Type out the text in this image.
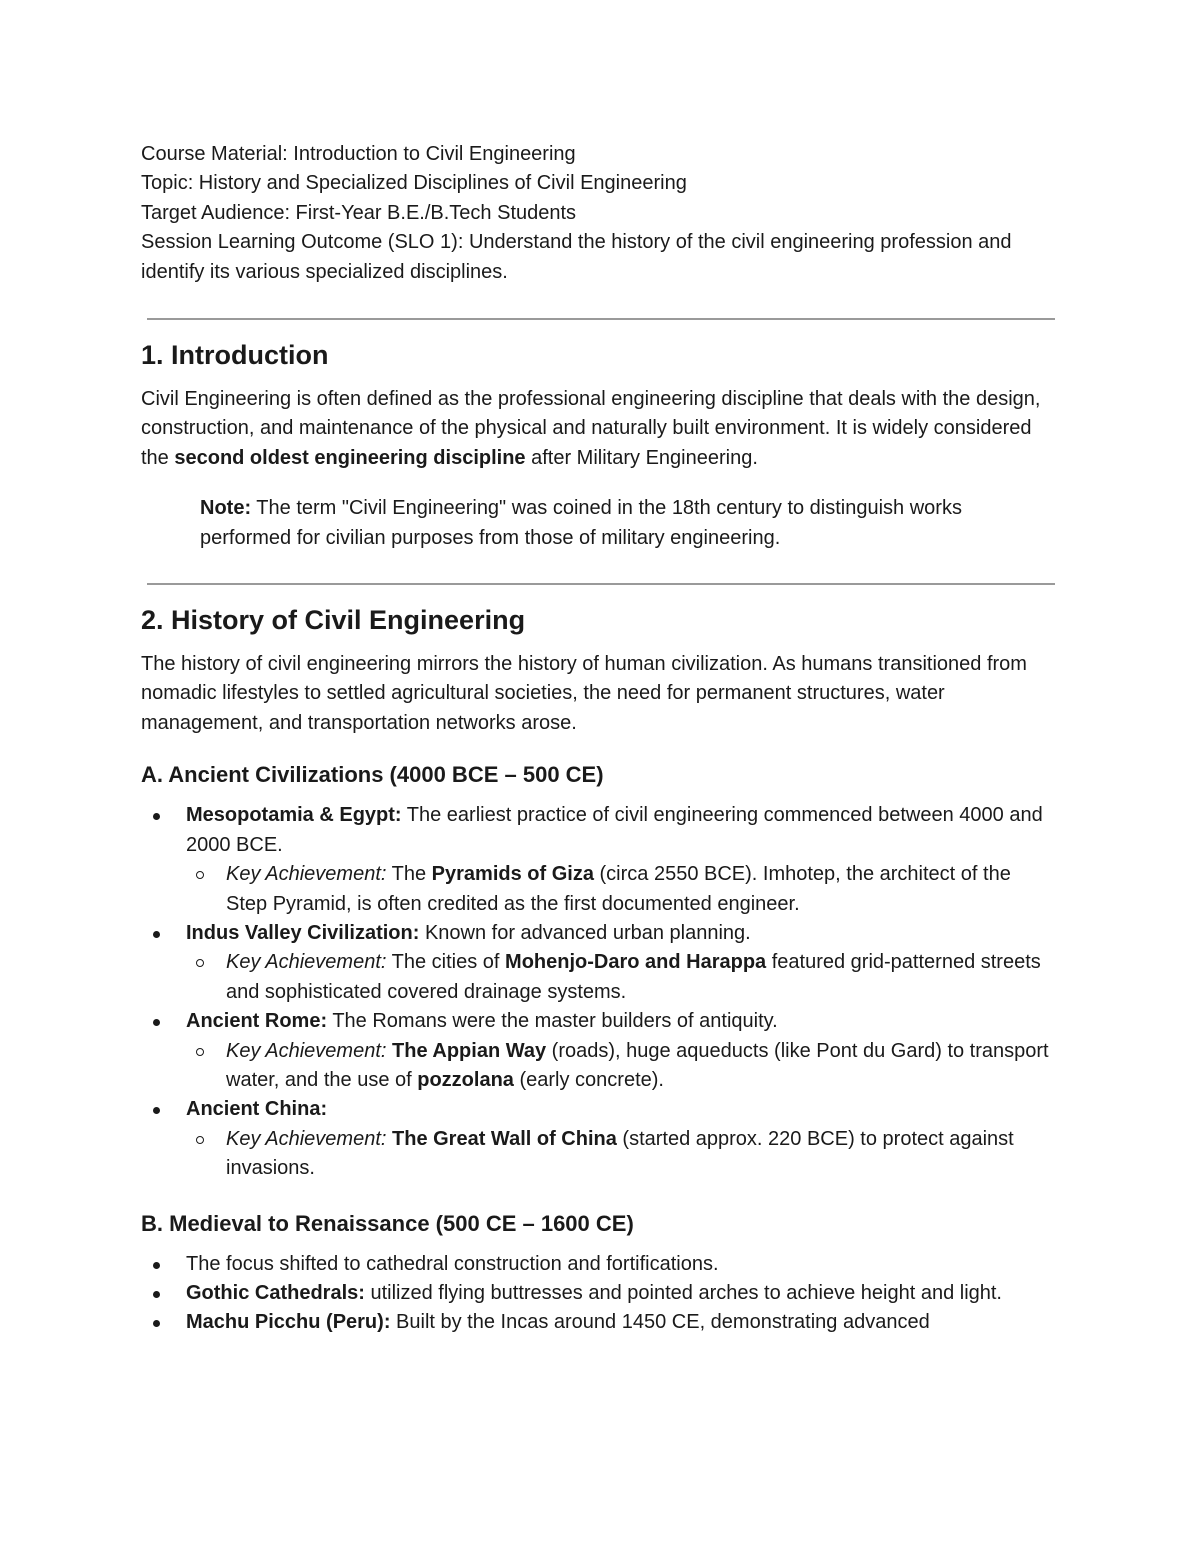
Course Material: Introduction to Civil Engineering

Topic: History and Specialized Disciplines of Civil Engineering

Target Audience: First-Year B.E./B.Tech Students

Session Learning Outcome (SLO 1): Understand the history of the civil engineering profession and identify its various specialized disciplines.

1. Introduction

Civil Engineering is often defined as the professional engineering discipline that deals with the design, construction, and maintenance of the physical and naturally built environment. It is widely considered the second oldest engineering discipline after Military Engineering.

Note: The term "Civil Engineering" was coined in the 18th century to distinguish works performed for civilian purposes from those of military engineering.

2. History of Civil Engineering

The history of civil engineering mirrors the history of human civilization. As humans transitioned from nomadic lifestyles to settled agricultural societies, the need for permanent structures, water management, and transportation networks arose.

A. Ancient Civilizations (4000 BCE – 500 CE)
Mesopotamia & Egypt: The earliest practice of civil engineering commenced between 4000 and 2000 BCE.
Key Achievement: The Pyramids of Giza (circa 2550 BCE). Imhotep, the architect of the Step Pyramid, is often credited as the first documented engineer.
Indus Valley Civilization: Known for advanced urban planning.
Key Achievement: The cities of Mohenjo-Daro and Harappa featured grid-patterned streets and sophisticated covered drainage systems.
Ancient Rome: The Romans were the master builders of antiquity.
Key Achievement: The Appian Way (roads), huge aqueducts (like Pont du Gard) to transport water, and the use of pozzolana (early concrete).
Ancient China:
Key Achievement: The Great Wall of China (started approx. 220 BCE) to protect against invasions.
B. Medieval to Renaissance (500 CE – 1600 CE)
The focus shifted to cathedral construction and fortifications.
Gothic Cathedrals: utilized flying buttresses and pointed arches to achieve height and light.
Machu Picchu (Peru): Built by the Incas around 1450 CE, demonstrating advanced
